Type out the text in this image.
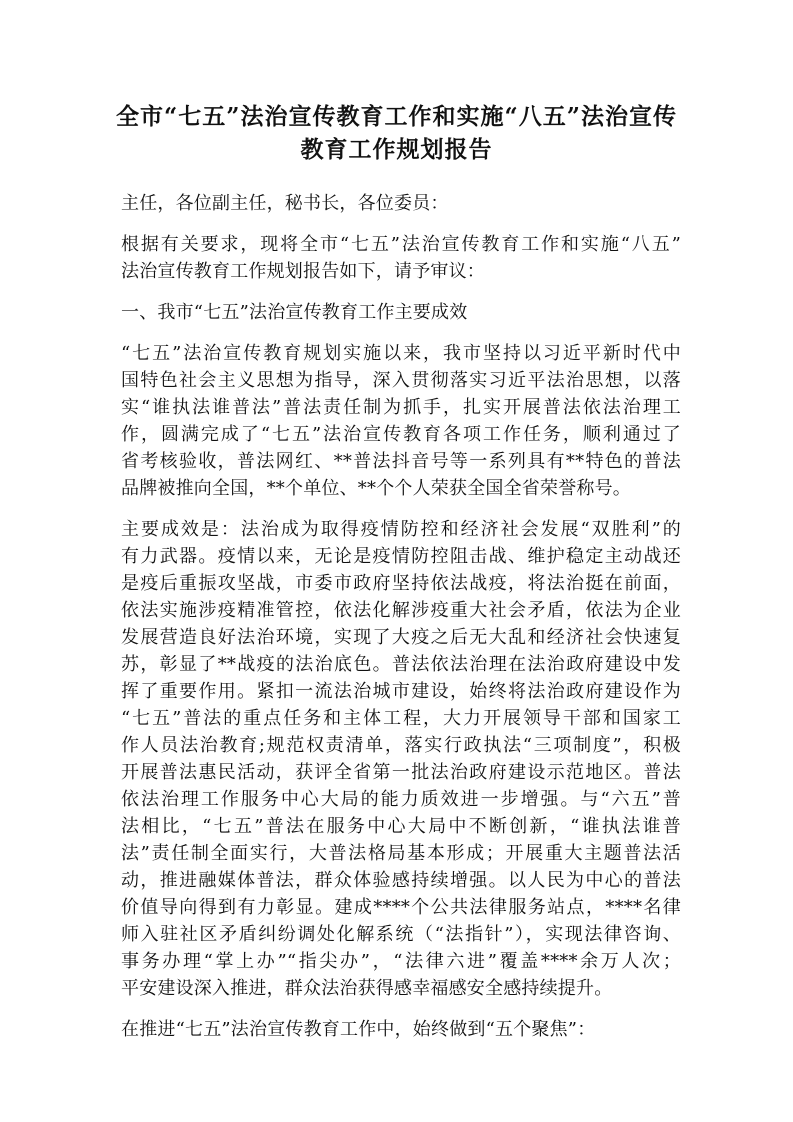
全市“七五”法治宣传教育工作和实施“八五”法治宣传
教育工作规划报告
主任，各位副主任，秘书长，各位委员：
根据有关要求，现将全市“七五”法治宣传教育工作和实施“八五”
法治宣传教育工作规划报告如下，请予审议：
一、我市“七五”法治宣传教育工作主要成效
“七五”法治宣传教育规划实施以来，我市坚持以习近平新时代中
国特色社会主义思想为指导，深入贯彻落实习近平法治思想，以落
实“谁执法谁普法”普法责任制为抓手，扎实开展普法依法治理工
作，圆满完成了“七五”法治宣传教育各项工作任务，顺利通过了
省考核验收，普法网红、**普法抖音号等一系列具有**特色的普法
品牌被推向全国，**个单位、**个个人荣获全国全省荣誉称号。
主要成效是：法治成为取得疫情防控和经济社会发展“双胜利”的
有力武器。疫情以来，无论是疫情防控阻击战、维护稳定主动战还
是疫后重振攻坚战，市委市政府坚持依法战疫，将法治挺在前面，
依法实施涉疫精准管控，依法化解涉疫重大社会矛盾，依法为企业
发展营造良好法治环境，实现了大疫之后无大乱和经济社会快速复
苏，彰显了**战疫的法治底色。普法依法治理在法治政府建设中发
挥了重要作用。紧扣一流法治城市建设，始终将法治政府建设作为
“七五”普法的重点任务和主体工程，大力开展领导干部和国家工
作人员法治教育;规范权责清单，落实行政执法“三项制度”，积极
开展普法惠民活动，获评全省第一批法治政府建设示范地区。普法
依法治理工作服务中心大局的能力质效进一步增强。与“六五”普
法相比，“七五”普法在服务中心大局中不断创新，“谁执法谁普
法”责任制全面实行，大普法格局基本形成；开展重大主题普法活
动，推进融媒体普法，群众体验感持续增强。以人民为中心的普法
价值导向得到有力彰显。建成****个公共法律服务站点，****名律
师入驻社区矛盾纠纷调处化解系统（“法指针”），实现法律咨询、
事务办理“掌上办”“指尖办”，“法律六进”覆盖****余万人次；
平安建设深入推进，群众法治获得感幸福感安全感持续提升。
在推进“七五”法治宣传教育工作中，始终做到“五个聚焦”：
